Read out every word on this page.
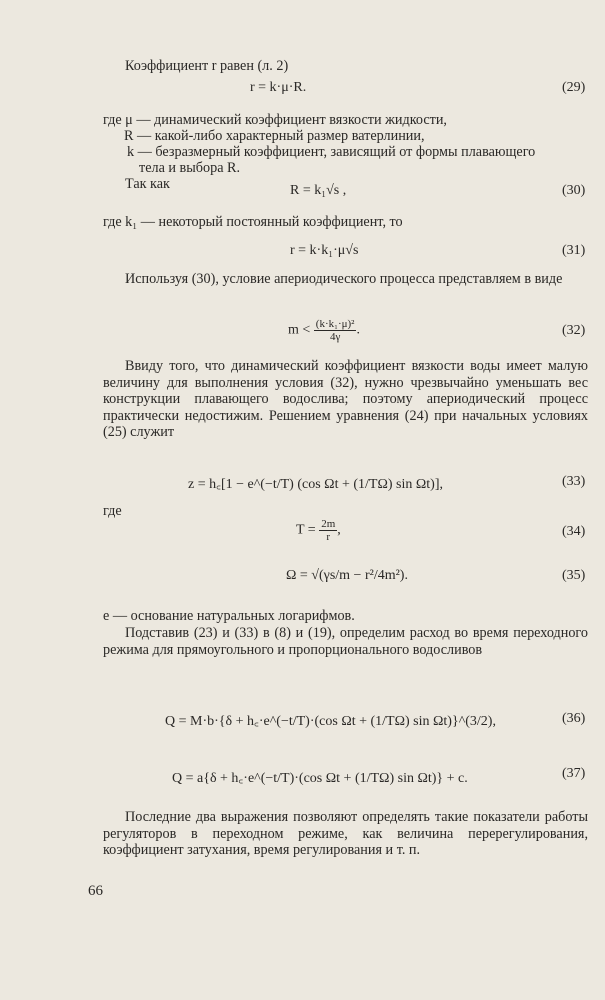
Коэффициент r равен (л. 2)
r = k·μ·R.	(29)
где μ — динамический коэффициент вязкости жидкости,
R — какой-либо характерный размер ватерлинии,
k — безразмерный коэффициент, зависящий от формы плавающего
тела и выбора R.
Так как	R = k₁√s ,	(30)
где k₁ — некоторый постоянный коэффициент, то
r = k·k₁·μ√s	(31)
Используя (30), условие апериодического процесса представляем в виде
$m < \frac{\text{(k·k₁·μ)²}}{4\gamma}$ .	(32)
Ввиду того, что динамический коэффициент вязкости воды имеет малую величину для выполнения условия (32), нужно чрезвычайно уменьшать вес конструкции плавающего водослива; поэтому апериодический процесс практически недостижим. Решением уравнения (24) при начальных условиях (25) служит
z = h꜀[1 − e^(−t/T) (cos Ωt + (1/TΩ) sin Ωt)],	(33)
где
$T = \frac{2m}{r}$ ,	(34)
Ω = √(γs/m − r²/4m²).	(35)
e — основание натуральных логарифмов.
Подставив (23) и (33) в (8) и (19), определим расход во время переходного режима для прямоугольного и пропорционального водосливов
Q = M·b·{δ + h꜀·e^(−t/T)·(cos Ωt + (1/TΩ) sin Ωt)}^(3/2),	(36)
Q = a{δ + h꜀·e^(−t/T)·(cos Ωt + (1/TΩ) sin Ωt)} + c.	(37)
Последние два выражения позволяют определять такие показатели работы регуляторов в переходном режиме, как величина перерегулирования, коэффициент затухания, время регулирования и т. п.
66
